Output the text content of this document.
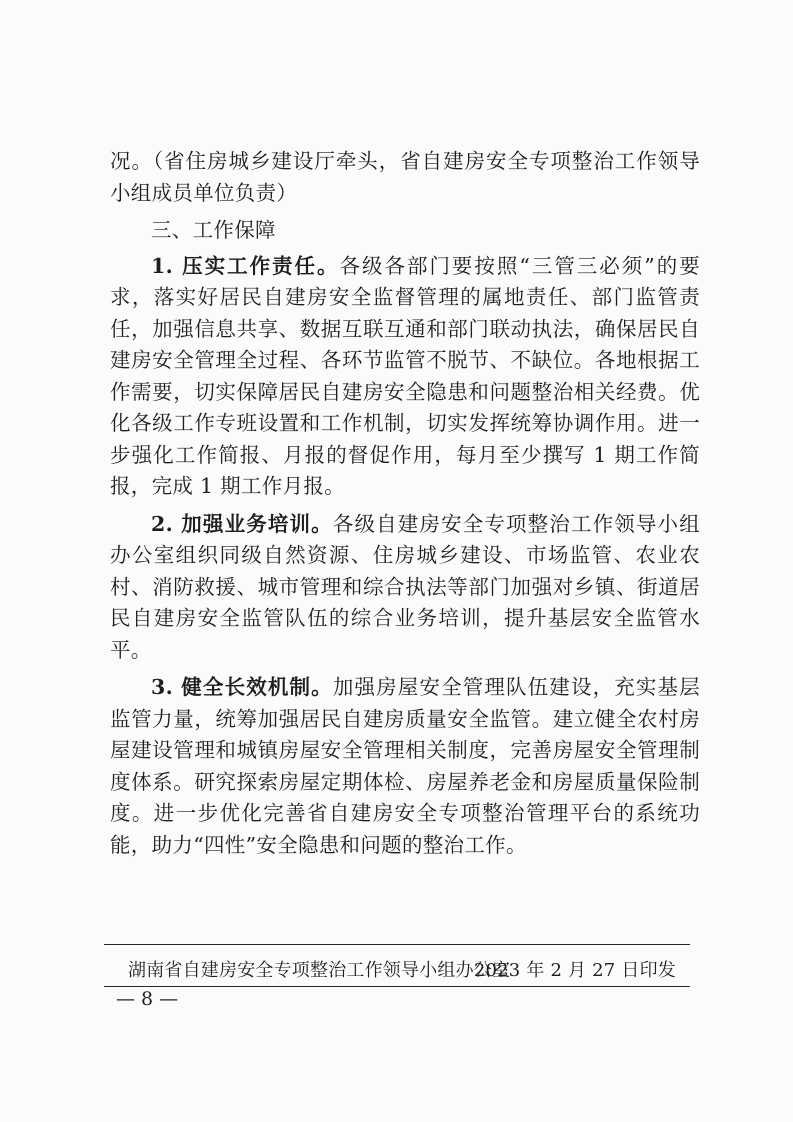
况。（省住房城乡建设厅牵头，省自建房安全专项整治工作领导小组成员单位负责）

三、工作保障

1. 压实工作责任。各级各部门要按照“三管三必须”的要求，落实好居民自建房安全监督管理的属地责任、部门监管责任，加强信息共享、数据互联互通和部门联动执法，确保居民自建房安全管理全过程、各环节监管不脱节、不缺位。各地根据工作需要，切实保障居民自建房安全隐患和问题整治相关经费。优化各级工作专班设置和工作机制，切实发挥统筹协调作用。进一步强化工作简报、月报的督促作用，每月至少撰写 1 期工作简报，完成 1 期工作月报。

2. 加强业务培训。各级自建房安全专项整治工作领导小组办公室组织同级自然资源、住房城乡建设、市场监管、农业农村、消防救援、城市管理和综合执法等部门加强对乡镇、街道居民自建房安全监管队伍的综合业务培训，提升基层安全监管水平。

3. 健全长效机制。加强房屋安全管理队伍建设，充实基层监管力量，统筹加强居民自建房质量安全监管。建立健全农村房屋建设管理和城镇房屋安全管理相关制度，完善房屋安全管理制度体系。研究探索房屋定期体检、房屋养老金和房屋质量保险制度。进一步优化完善省自建房安全专项整治管理平台的系统功能，助力“四性”安全隐患和问题的整治工作。

湖南省自建房安全专项整治工作领导小组办公室
2023 年 2 月 27 日印发
— 8 —
